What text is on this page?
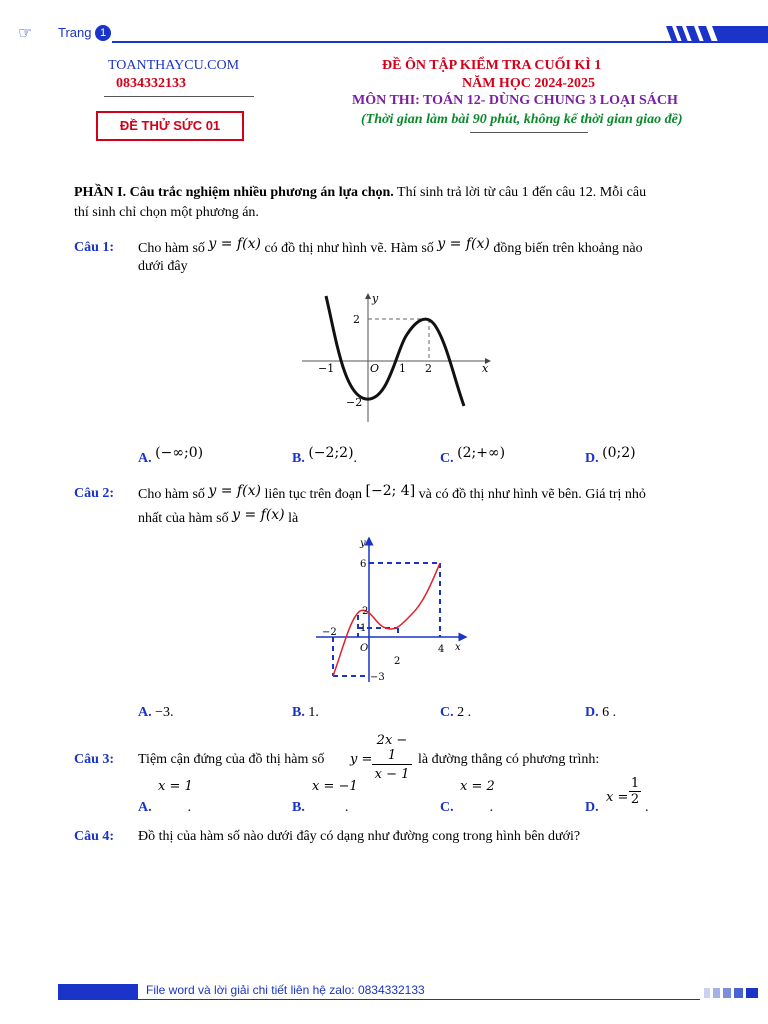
☞ Trang 1
TOANTHAYCU.COM
0834332133
ĐỀ THỬ SỨC 01
ĐỀ ÔN TẬP KIỂM TRA CUỐI KÌ 1
NĂM HỌC 2024-2025
MÔN THI: TOÁN 12- DÙNG CHUNG 3 LOẠI SÁCH
(Thời gian làm bài 90 phút, không kể thời gian giao đề)
PHẦN I. Câu trắc nghiệm nhiều phương án lựa chọn. Thí sinh trả lời từ câu 1 đến câu 12. Mỗi câu
thí sinh chỉ chọn một phương án.
Câu 1: Cho hàm số y = f(x) có đồ thị như hình vẽ. Hàm số y = f(x) đồng biến trên khoảng nào
dưới đây
y
x
O
−1	1 2
2
−2
A. (−∞;0)	B. (−2;2).	C. (2;+∞)	D. (0;2)
Câu 2: Cho hàm số y = f(x) liên tục trên đoạn [−2; 4] và có đồ thị như hình vẽ bên. Giá trị nhỏ
nhất của hàm số y = f(x) là
y
x
O
6
2
1
−2
4
2
−3
A. −3.	B. 1.	C. 2 .	D. 6 .
Câu 3: Tiệm cận đứng của đồ thị hàm số $y = \frac{2x - 1}{x - 1}$ là đường thẳng có phương trình:
x = 1
A.	.
x = −1
B.	.
x = 2
C.	.	D.
$x = \frac{1}{2}$
.
Câu 4: Đồ thị của hàm số nào dưới đây có dạng như đường cong trong hình bên dưới?
File word và lời giải chi tiết liên hệ zalo: 0834332133
